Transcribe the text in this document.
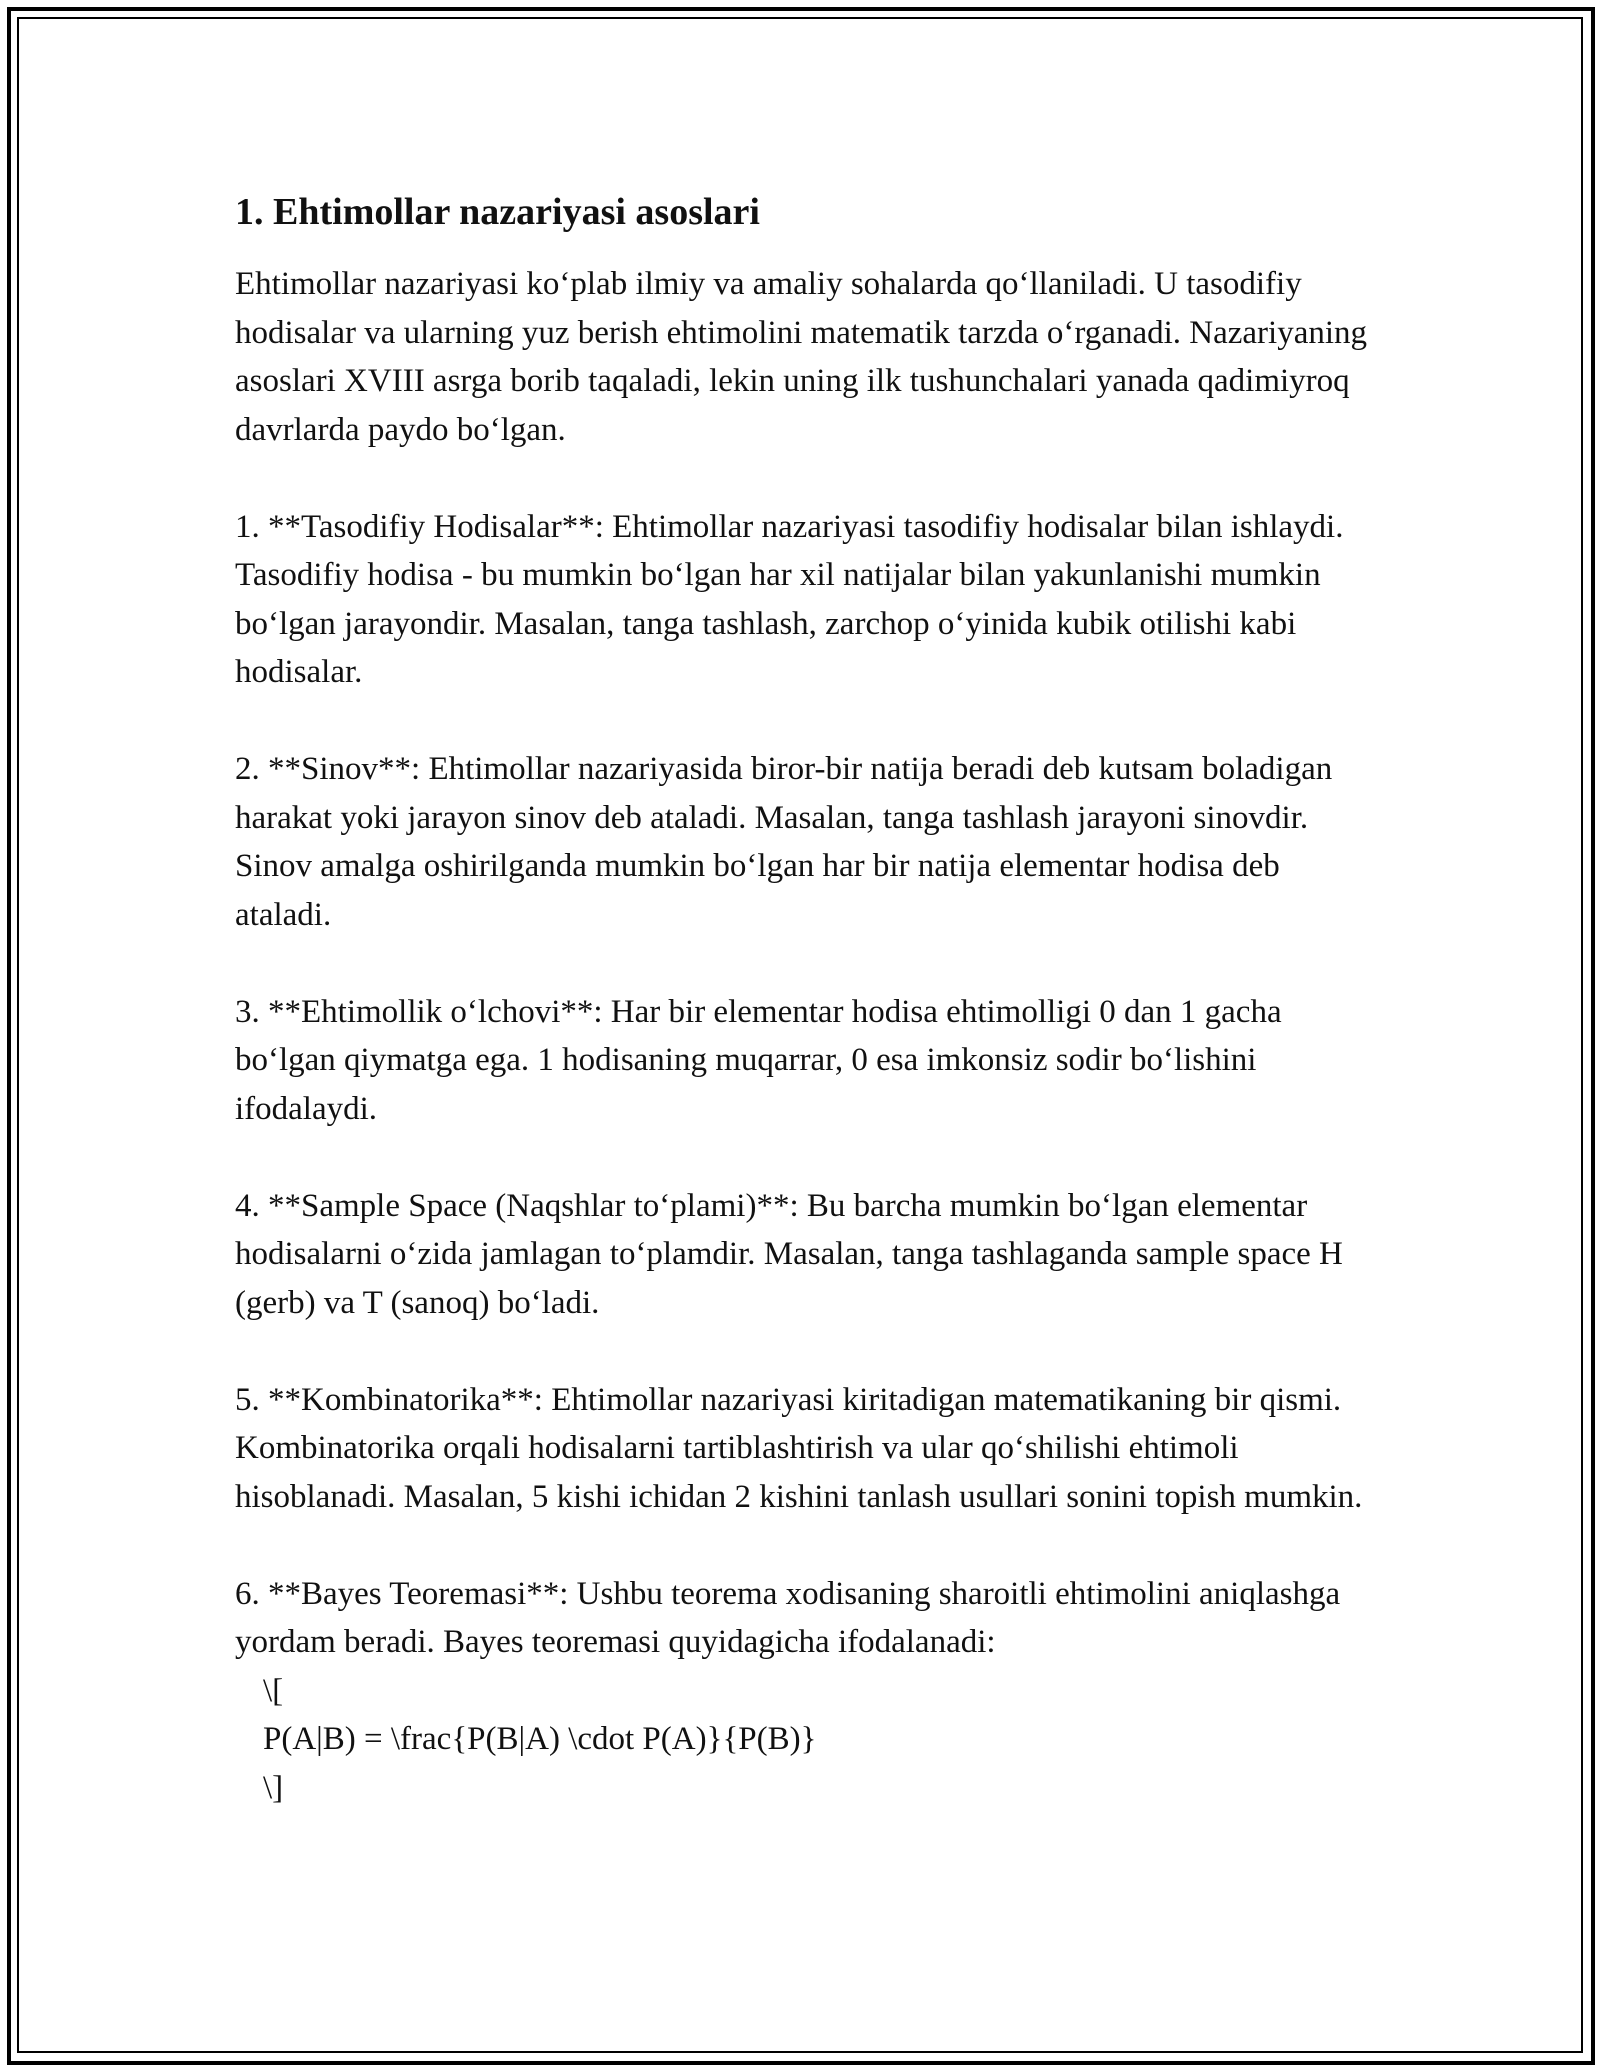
1. Ehtimollar nazariyasi asoslari

Ehtimollar nazariyasi ko‘plab ilmiy va amaliy sohalarda qo‘llaniladi. U tasodifiy hodisalar va ularning yuz berish ehtimolini matematik tarzda o‘rganadi. Nazariyaning asoslari XVIII asrga borib taqaladi, lekin uning ilk tushunchalari yanada qadimiyroq davrlarda paydo bo‘lgan.

1. **Tasodifiy Hodisalar**: Ehtimollar nazariyasi tasodifiy hodisalar bilan ishlaydi. Tasodifiy hodisa - bu mumkin bo‘lgan har xil natijalar bilan yakunlanishi mumkin bo‘lgan jarayondir. Masalan, tanga tashlash, zarchop o‘yinida kubik otilishi kabi hodisalar.

2. **Sinov**: Ehtimollar nazariyasida biror-bir natija beradi deb kutsam boladigan harakat yoki jarayon sinov deb ataladi. Masalan, tanga tashlash jarayoni sinovdir. Sinov amalga oshirilganda mumkin bo‘lgan har bir natija elementar hodisa deb ataladi.

3. **Ehtimollik o‘lchovi**: Har bir elementar hodisa ehtimolligi 0 dan 1 gacha bo‘lgan qiymatga ega. 1 hodisaning muqarrar, 0 esa imkonsiz sodir bo‘lishini ifodalaydi.

4. **Sample Space (Naqshlar to‘plami)**: Bu barcha mumkin bo‘lgan elementar hodisalarni o‘zida jamlagan to‘plamdir. Masalan, tanga tashlaganda sample space H (gerb) va T (sanoq) bo‘ladi.

5. **Kombinatorika**: Ehtimollar nazariyasi kiritadigan matematikaning bir qismi. Kombinatorika orqali hodisalarni tartiblashtirish va ular qo‘shilishi ehtimoli hisoblanadi. Masalan, 5 kishi ichidan 2 kishini tanlash usullari sonini topish mumkin.

6. **Bayes Teoremasi**: Ushbu teorema xodisaning sharoitli ehtimolini aniqlashga yordam beradi. Bayes teoremasi quyidagicha ifodalanadi:

\[
P(A|B) = \frac{P(B|A) \cdot P(A)}{P(B)}
\]
